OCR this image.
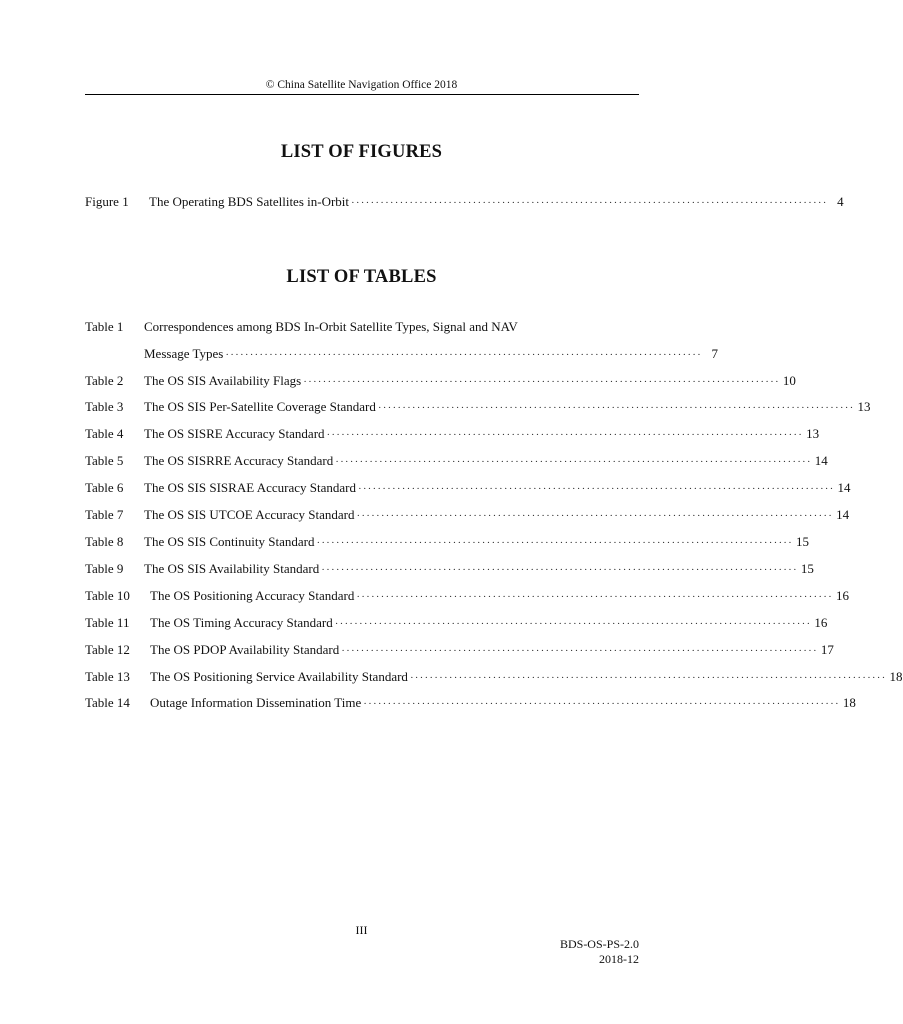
© China Satellite Navigation Office 2018
LIST OF FIGURES
Figure 1 The Operating BDS Satellites in-Orbit ·································································································· 4
LIST OF TABLES
Table 1 Correspondences among BDS In-Orbit Satellite Types, Signal and NAV
Message Types ·································································································· 7
Table 2 The OS SIS Availability Flags ·································································································· 10
Table 3 The OS SIS Per-Satellite Coverage Standard ·································································································· 13
Table 4 The OS SISRE Accuracy Standard ·································································································· 13
Table 5 The OS SISRRE Accuracy Standard ·································································································· 14
Table 6 The OS SIS SISRAE Accuracy Standard ·································································································· 14
Table 7 The OS SIS UTCOE Accuracy Standard ·································································································· 14
Table 8 The OS SIS Continuity Standard ·································································································· 15
Table 9 The OS SIS Availability Standard ·································································································· 15
Table 10 The OS Positioning Accuracy Standard ·································································································· 16
Table 11 The OS Timing Accuracy Standard ·································································································· 16
Table 12 The OS PDOP Availability Standard ·································································································· 17
Table 13 The OS Positioning Service Availability Standard ·································································································· 18
Table 14 Outage Information Dissemination Time ·································································································· 18
III
BDS-OS-PS-2.0
2018-12
